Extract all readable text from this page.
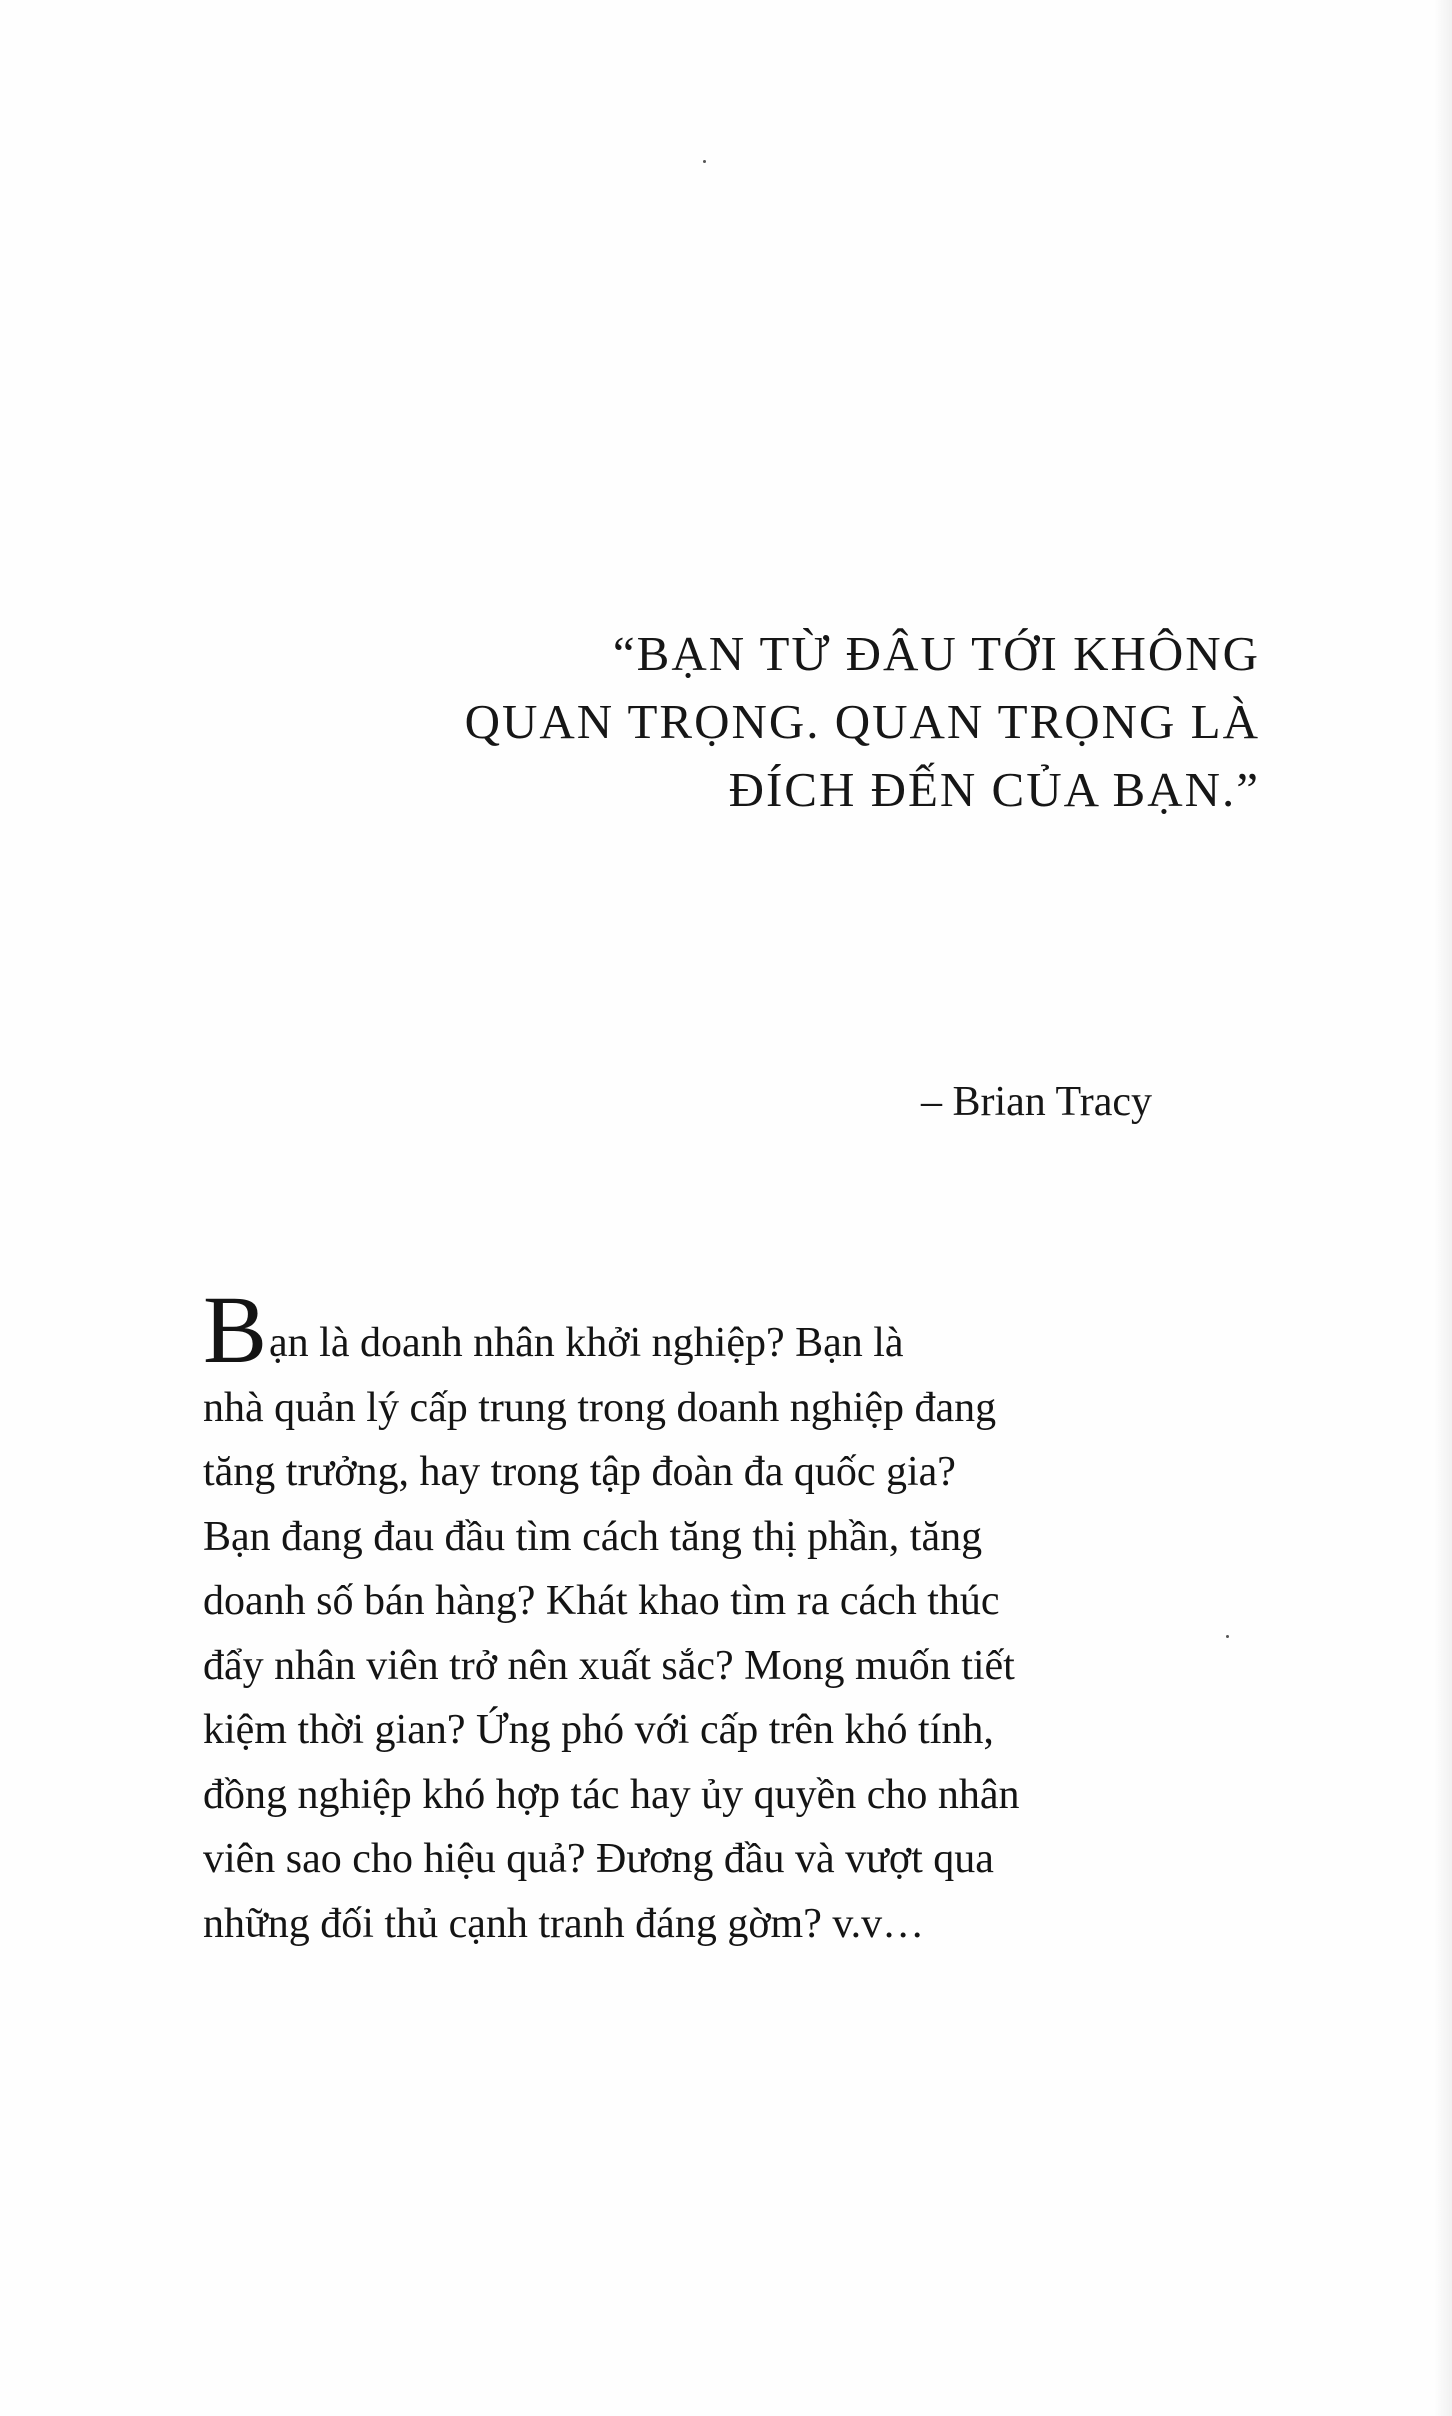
“BẠN TỪ ĐÂU TỚI KHÔNG
QUAN TRỌNG. QUAN TRỌNG LÀ
ĐÍCH ĐẾN CỦA BẠN.”
– Brian Tracy
Bạn là doanh nhân khởi nghiệp? Bạn là
nhà quản lý cấp trung trong doanh nghiệp đang
tăng trưởng, hay trong tập đoàn đa quốc gia?
Bạn đang đau đầu tìm cách tăng thị phần, tăng
doanh số bán hàng? Khát khao tìm ra cách thúc
đẩy nhân viên trở nên xuất sắc? Mong muốn tiết
kiệm thời gian? Ứng phó với cấp trên khó tính,
đồng nghiệp khó hợp tác hay ủy quyền cho nhân
viên sao cho hiệu quả? Đương đầu và vượt qua
những đối thủ cạnh tranh đáng gờm? v.v…
